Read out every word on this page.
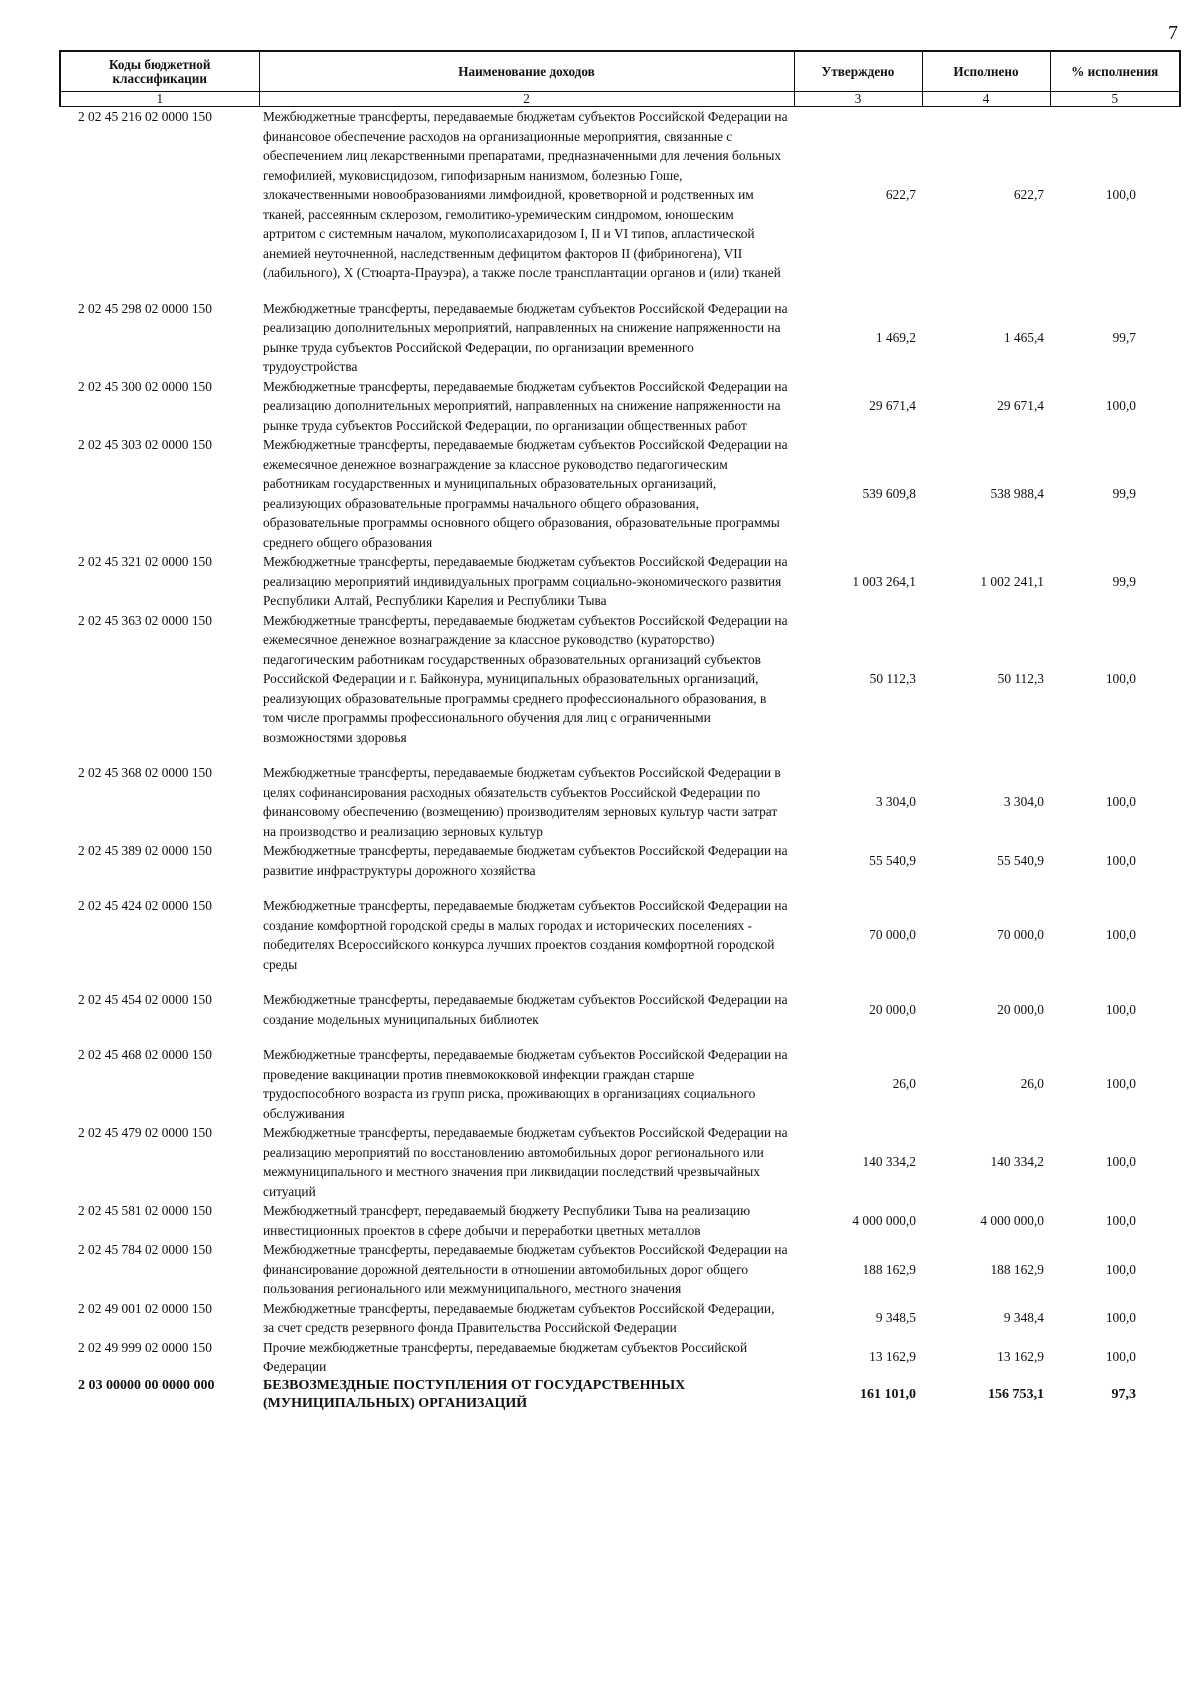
7
Коды бюджетной классификации	Наименование доходов	Утверждено	Исполнено	% исполнения
1	2	3	4	5
2 02 45 216 02 0000 150	Межбюджетные трансферты, передаваемые бюджетам субъектов Российской Федерации на финансовое обеспечение расходов на организационные мероприятия, связанные с обеспечением лиц лекарственными препаратами, предназначенными для лечения больных гемофилией, муковисцидозом, гипофизарным нанизмом, болезнью Гоше, злокачественными новообразованиями лимфоидной, кроветворной и родственных им тканей, рассеянным склерозом, гемолитико-уремическим синдромом, юношеским артритом с системным началом, мукополисахаридозом I, II и VI типов, апластической анемией неуточненной, наследственным дефицитом факторов II (фибриногена), VII (лабильного), X (Стюарта-Прауэра), а также после трансплантации органов и (или) тканей	622,7	622,7	100,0
2 02 45 298 02 0000 150	Межбюджетные трансферты, передаваемые бюджетам субъектов Российской Федерации на реализацию дополнительных мероприятий, направленных на снижение напряженности на рынке труда субъектов Российской Федерации, по организации временного трудоустройства	1 469,2	1 465,4	99,7
2 02 45 300 02 0000 150	Межбюджетные трансферты, передаваемые бюджетам субъектов Российской Федерации на реализацию дополнительных мероприятий, направленных на снижение напряженности на рынке труда субъектов Российской Федерации, по организации общественных работ	29 671,4	29 671,4	100,0
2 02 45 303 02 0000 150	Межбюджетные трансферты, передаваемые бюджетам субъектов Российской Федерации на ежемесячное денежное вознаграждение за классное руководство педагогическим работникам государственных и муниципальных образовательных организаций, реализующих образовательные программы начального общего образования, образовательные программы основного общего образования, образовательные программы среднего общего образования	539 609,8	538 988,4	99,9
2 02 45 321 02 0000 150	Межбюджетные трансферты, передаваемые бюджетам субъектов Российской Федерации на реализацию мероприятий индивидуальных программ социально-экономического развития Республики Алтай, Республики Карелия и Республики Тыва	1 003 264,1	1 002 241,1	99,9
2 02 45 363 02 0000 150	Межбюджетные трансферты, передаваемые бюджетам субъектов Российской Федерации на ежемесячное денежное вознаграждение за классное руководство (кураторство) педагогическим работникам государственных образовательных организаций субъектов Российской Федерации и г. Байконура, муниципальных образовательных организаций, реализующих образовательные программы среднего профессионального образования, в том числе программы профессионального обучения для лиц с ограниченными возможностями здоровья	50 112,3	50 112,3	100,0
2 02 45 368 02 0000 150	Межбюджетные трансферты, передаваемые бюджетам субъектов Российской Федерации в целях софинансирования расходных обязательств субъектов Российской Федерации по финансовому обеспечению (возмещению) производителям зерновых культур части затрат на производство и реализацию зерновых культур	3 304,0	3 304,0	100,0
2 02 45 389 02 0000 150	Межбюджетные трансферты, передаваемые бюджетам субъектов Российской Федерации на развитие инфраструктуры дорожного хозяйства	55 540,9	55 540,9	100,0
2 02 45 424 02 0000 150	Межбюджетные трансферты, передаваемые бюджетам субъектов Российской Федерации на создание комфортной городской среды в малых городах и исторических поселениях - победителях Всероссийского конкурса лучших проектов создания комфортной городской среды	70 000,0	70 000,0	100,0
2 02 45 454 02 0000 150	Межбюджетные трансферты, передаваемые бюджетам субъектов Российской Федерации на создание модельных муниципальных библиотек	20 000,0	20 000,0	100,0
2 02 45 468 02 0000 150	Межбюджетные трансферты, передаваемые бюджетам субъектов Российской Федерации на проведение вакцинации против пневмококковой инфекции граждан старше трудоспособного возраста из групп риска, проживающих в организациях социального обслуживания	26,0	26,0	100,0
2 02 45 479 02 0000 150	Межбюджетные трансферты, передаваемые бюджетам субъектов Российской Федерации на реализацию мероприятий по восстановлению автомобильных дорог регионального или межмуниципального и местного значения при ликвидации последствий чрезвычайных ситуаций	140 334,2	140 334,2	100,0
2 02 45 581 02 0000 150	Межбюджетный трансферт, передаваемый бюджету Республики Тыва на реализацию инвестиционных проектов в сфере добычи и переработки цветных металлов	4 000 000,0	4 000 000,0	100,0
2 02 45 784 02 0000 150	Межбюджетные трансферты, передаваемые бюджетам субъектов Российской Федерации на финансирование дорожной деятельности в отношении автомобильных дорог общего пользования регионального или межмуниципального, местного значения	188 162,9	188 162,9	100,0
2 02 49 001 02 0000 150	Межбюджетные трансферты, передаваемые бюджетам субъектов Российской Федерации, за счет средств резервного фонда Правительства Российской Федерации	9 348,5	9 348,4	100,0
2 02 49 999 02 0000 150	Прочие межбюджетные трансферты, передаваемые бюджетам субъектов Российской Федерации	13 162,9	13 162,9	100,0
2 03 00000 00 0000 000	БЕЗВОЗМЕЗДНЫЕ ПОСТУПЛЕНИЯ ОТ ГОСУДАРСТВЕННЫХ (МУНИЦИПАЛЬНЫХ) ОРГАНИЗАЦИЙ	161 101,0	156 753,1	97,3
